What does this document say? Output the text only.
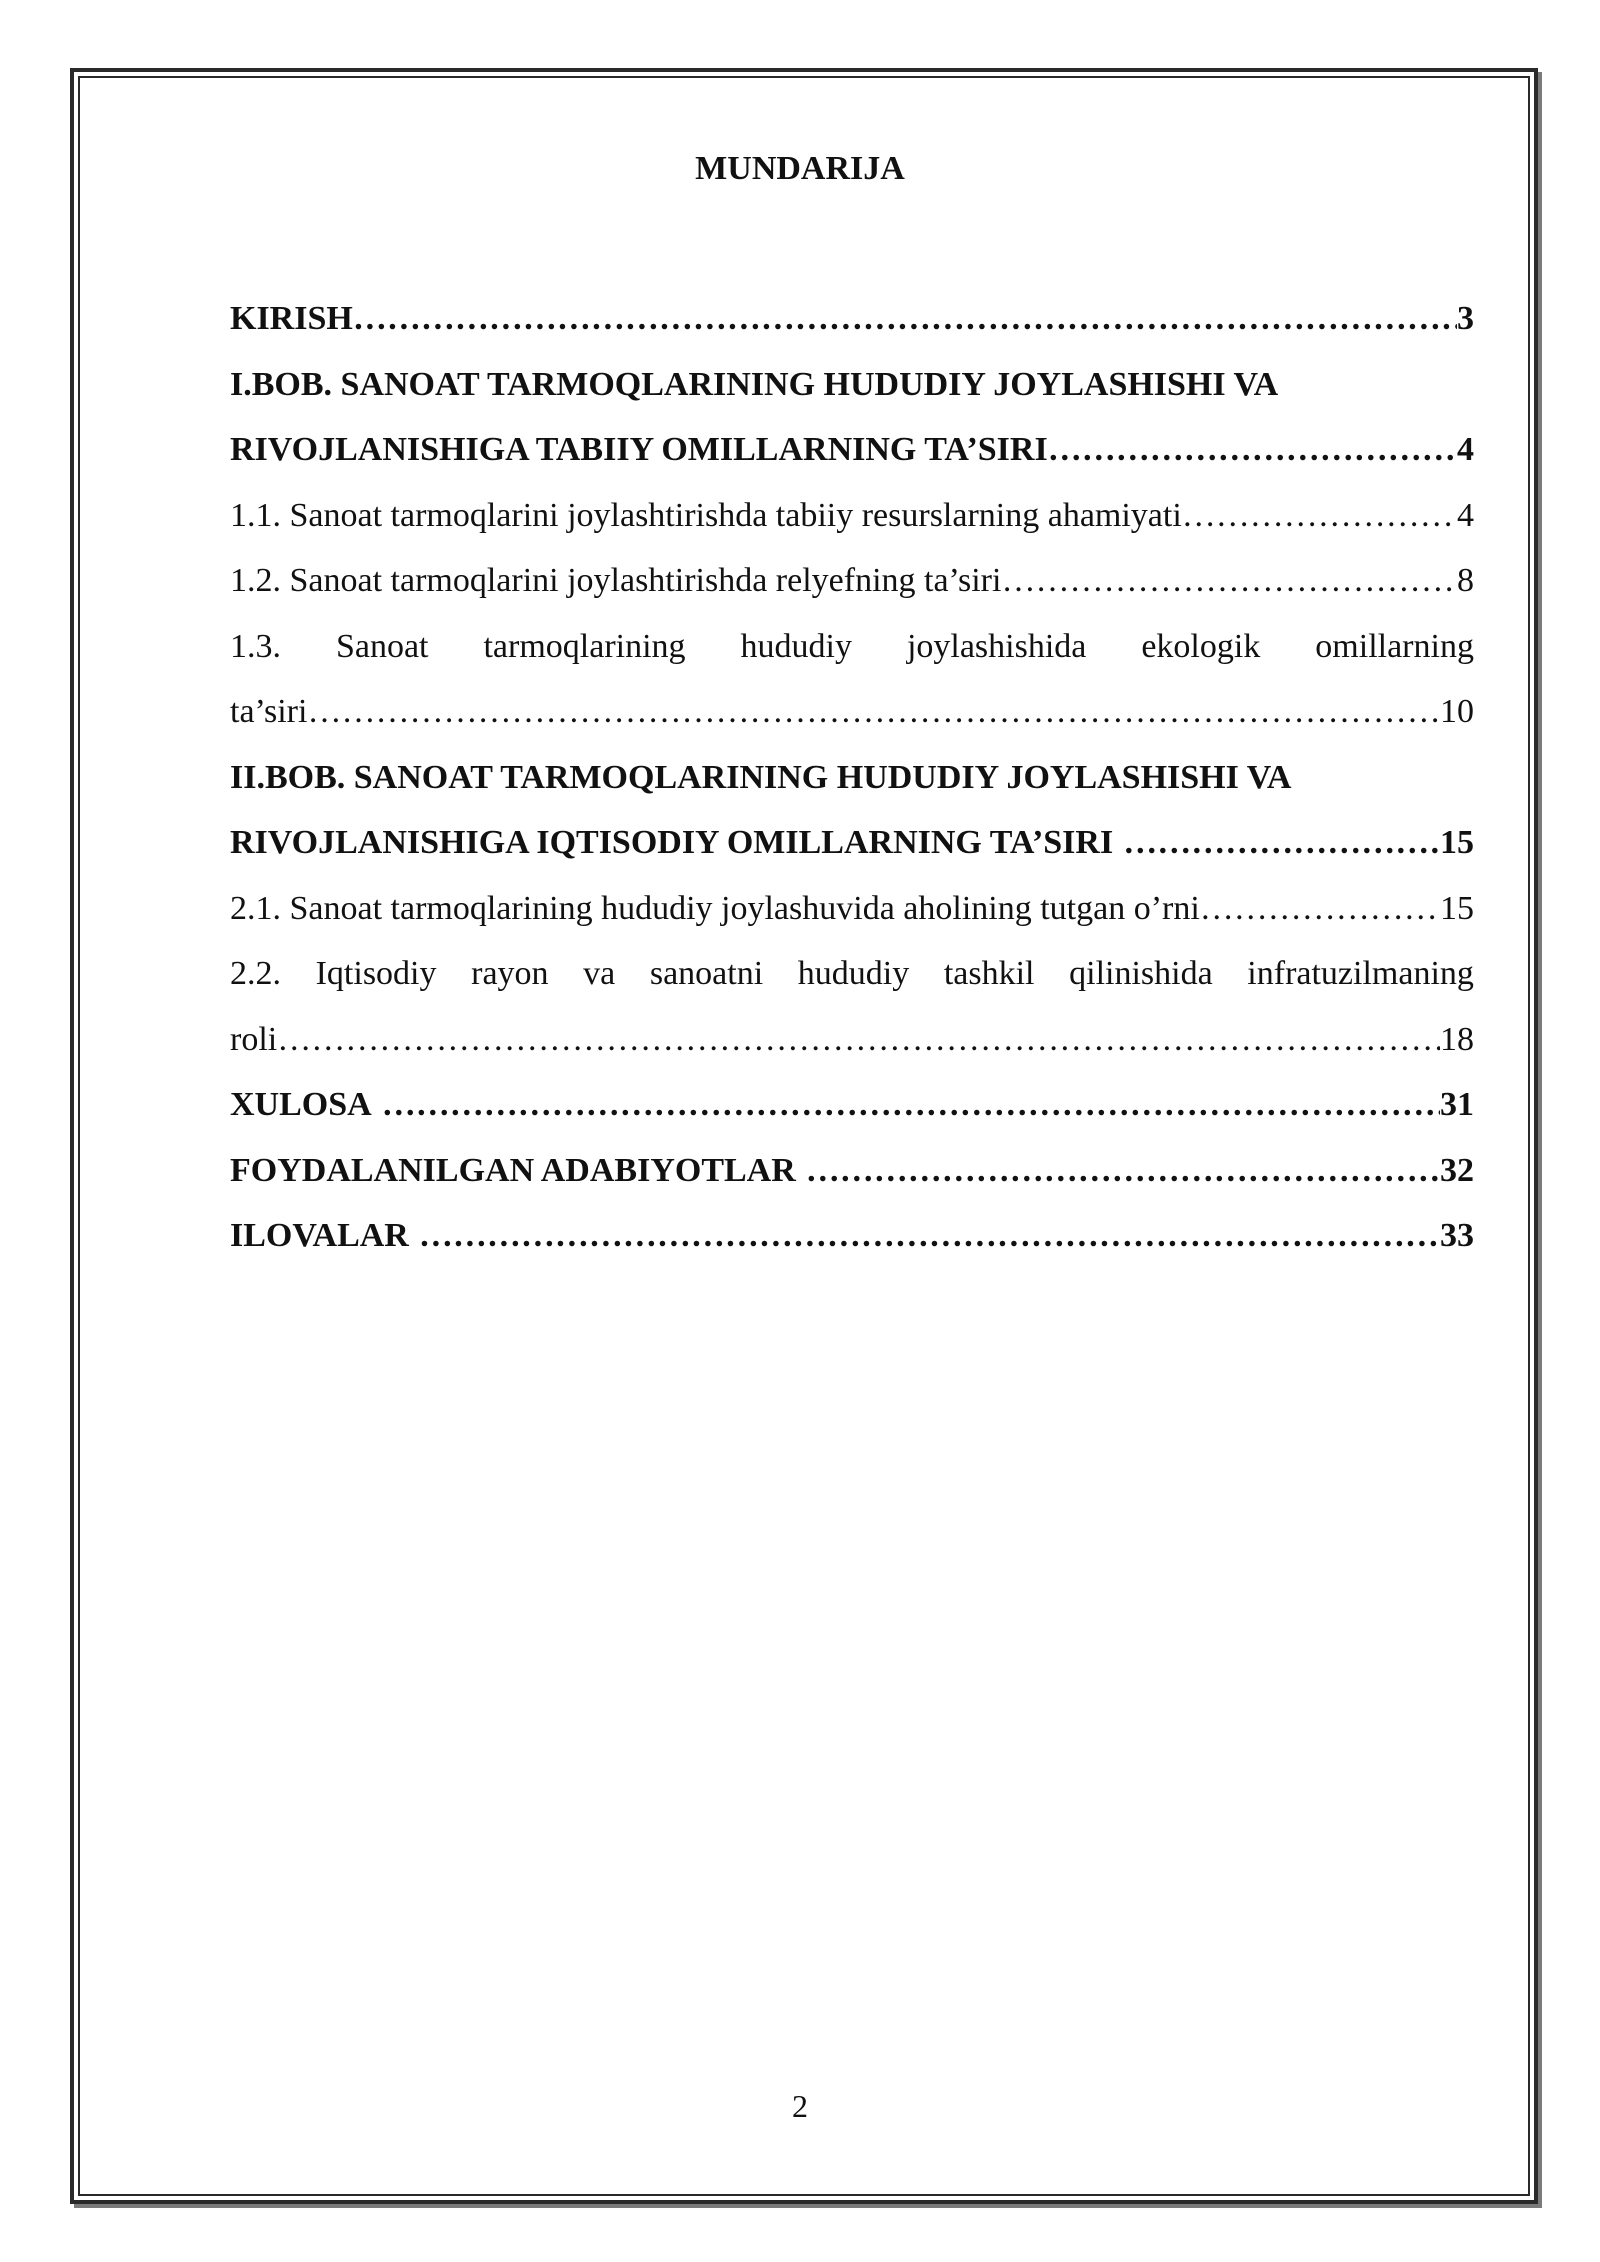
MUNDARIJA
KIRISH ……………………………………………………………………………………………………………………………………………………………………………………	3
I.BOB. SANOAT TARMOQLARINING HUDUDIY JOYLASHISHI VA
RIVOJLANISHIGA TABIIY OMILLARNING TA’SIRI ……………………………………………………………………………………………………………………………………………………………………………………	4
1.1. Sanoat tarmoqlarini joylashtirishda tabiiy resurslarning ahamiyati ……………………………………………………………………………………………………………………………………………………………………………………	4
1.2. Sanoat tarmoqlarini joylashtirishda relyefning ta’siri ……………………………………………………………………………………………………………………………………………………………………………………	8
1.3. Sanoat tarmoqlarining hududiy joylashishida ekologik omillarning
ta’siri ……………………………………………………………………………………………………………………………………………………………………………………	10
II.BOB. SANOAT TARMOQLARINING HUDUDIY JOYLASHISHI VA
RIVOJLANISHIGA IQTISODIY OMILLARNING TA’SIRI ……………………………………………………………………………………………………………………………………………………………………………………	15
2.1. Sanoat tarmoqlarining hududiy joylashuvida aholining tutgan o’rni ……………………………………………………………………………………………………………………………………………………………………………………	15
2.2. Iqtisodiy rayon va sanoatni hududiy tashkil qilinishida infratuzilmaning
roli ……………………………………………………………………………………………………………………………………………………………………………………	18
XULOSA ……………………………………………………………………………………………………………………………………………………………………………………	31
FOYDALANILGAN ADABIYOTLAR ……………………………………………………………………………………………………………………………………………………………………………………	32
ILOVALAR ……………………………………………………………………………………………………………………………………………………………………………………	33

2
